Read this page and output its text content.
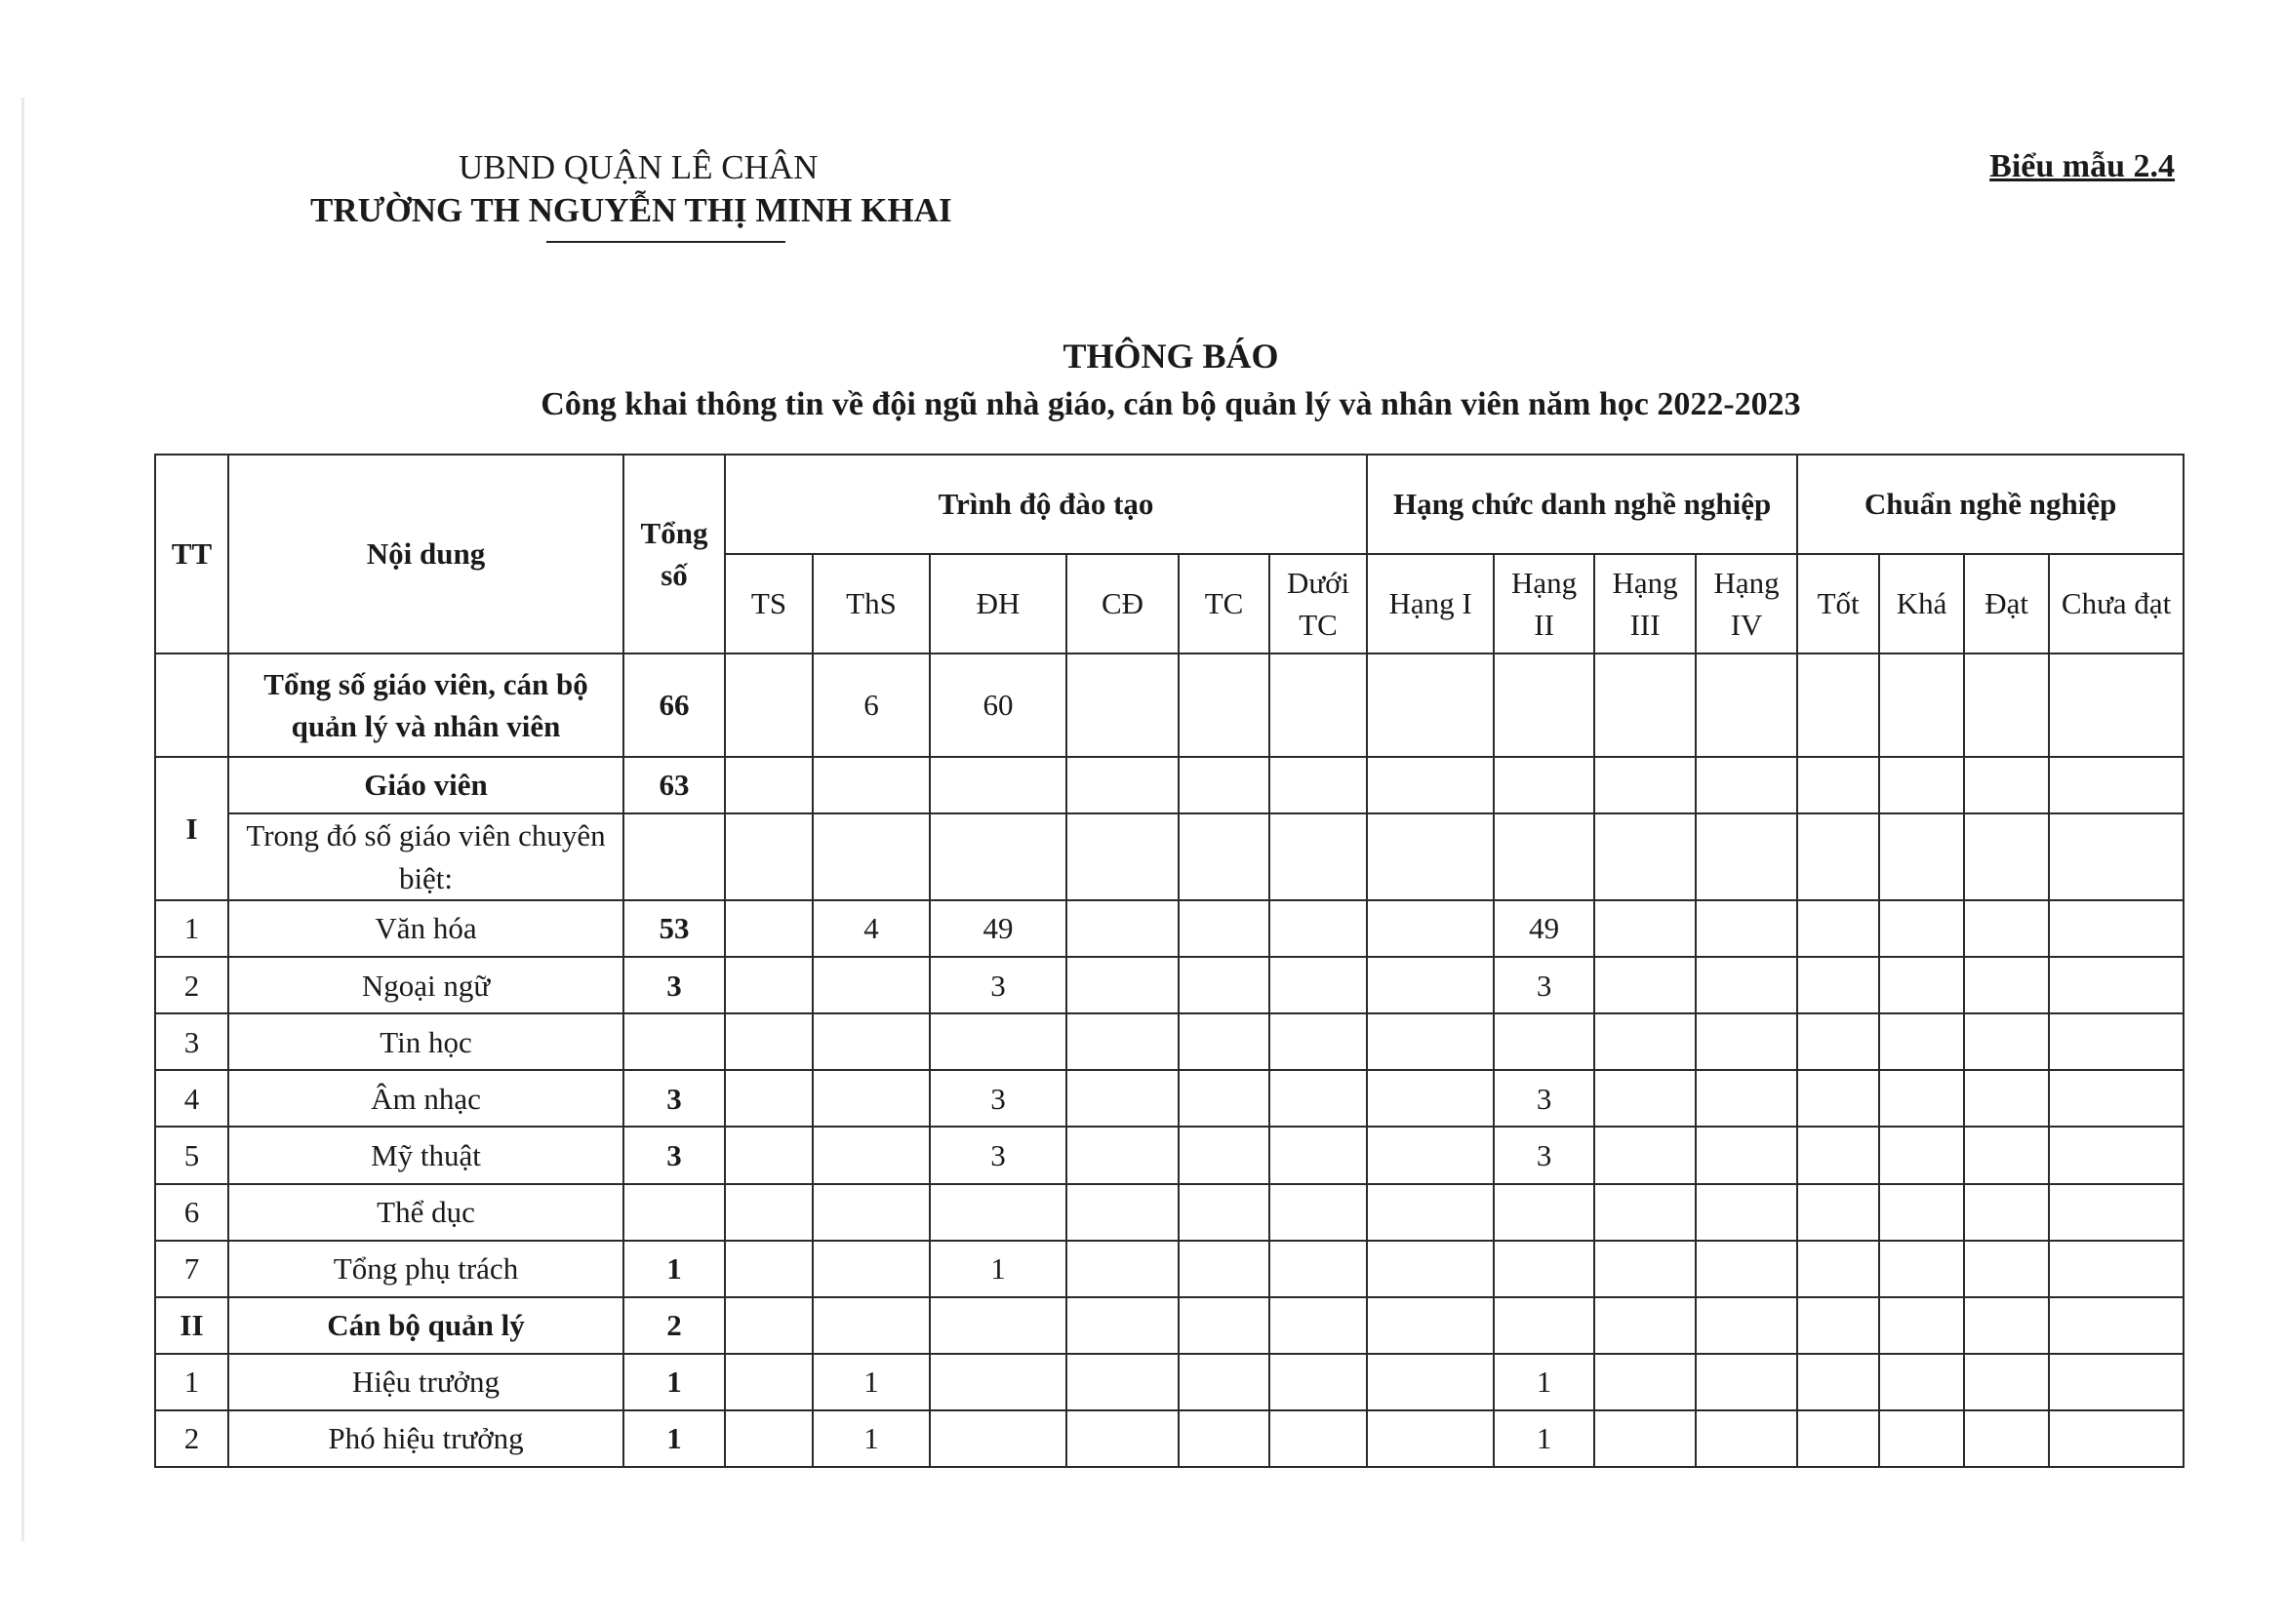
UBND QUẬN LÊ CHÂN
TRƯỜNG TH NGUYỄN THỊ MINH KHAI
Biểu mẫu 2.4
THÔNG BÁO
Công khai thông tin về đội ngũ nhà giáo, cán bộ quản lý và nhân viên năm học 2022-2023
TT	Nội dung	Tổng số	Trình độ đào tạo						Hạng chức danh nghề nghiệp				Chuẩn nghề nghiệp			
			TS	ThS	ĐH	CĐ	TC	Dưới TC	Hạng I	Hạng II	Hạng III	Hạng IV	Tốt	Khá	Đạt	Chưa đạt
	Tổng số giáo viên, cán bộ quản lý và nhân viên	66		6	60											
I	Giáo viên	63														
	Trong đó số giáo viên chuyên biệt:															
1	Văn hóa	53		4	49					49						
2	Ngoại ngữ	3			3					3						
3	Tin học															
4	Âm nhạc	3			3					3						
5	Mỹ thuật	3			3					3						
6	Thể dục															
7	Tổng phụ trách	1			1											
II	Cán bộ quản lý	2														
1	Hiệu trưởng	1		1						1						
2	Phó hiệu trưởng	1		1						1						
